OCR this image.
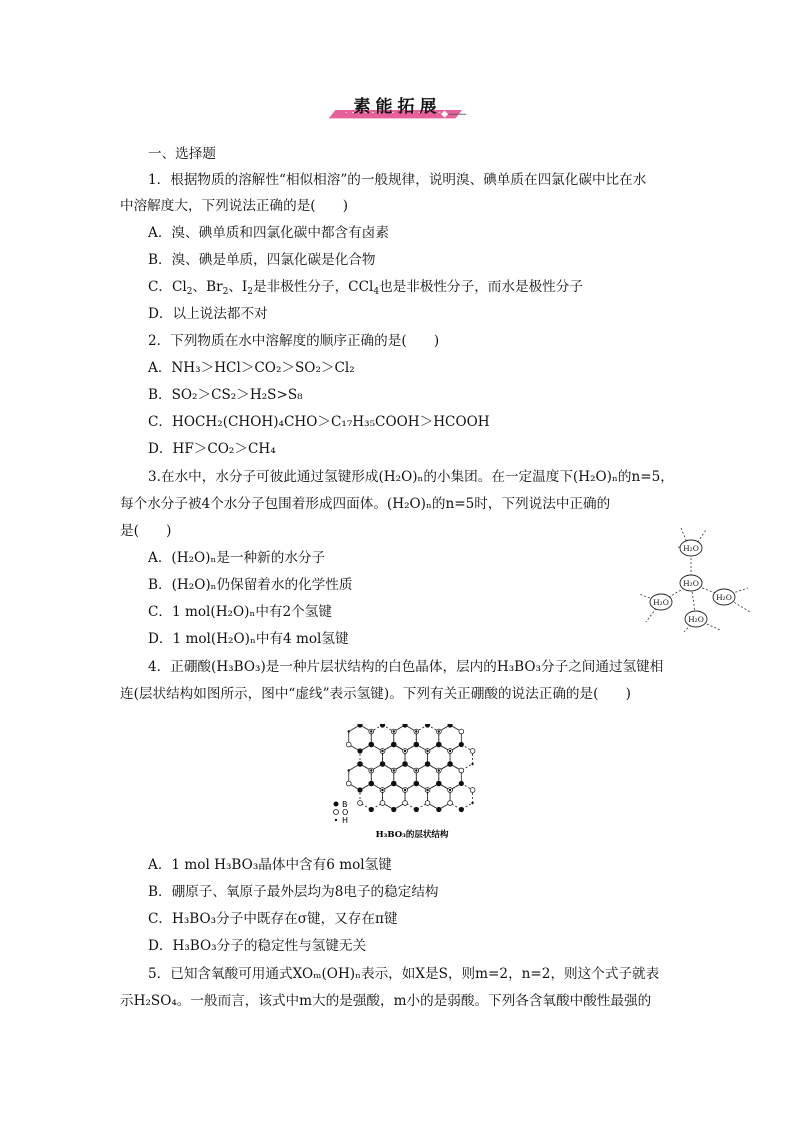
素能拓展
一、选择题
1．根据物质的溶解性“相似相溶”的一般规律，说明溴、碘单质在四氯化碳中比在水
中溶解度大，下列说法正确的是(　　)
A．溴、碘单质和四氯化碳中都含有卤素
B．溴、碘是单质，四氯化碳是化合物
C．$Cl_2$、$Br_2$、$I_2$是非极性分子，CCl$_4$也是非极性分子，而水是极性分子
D．以上说法都不对
2．下列物质在水中溶解度的顺序正确的是(　　)
A．NH₃＞HCl＞CO₂＞SO₂＞Cl₂
B．SO₂＞CS₂＞H₂S>S₈
C．HOCH₂(CHOH)₄CHO＞C₁₇H₃₅COOH＞HCOOH
D．HF＞CO₂＞CH₄
3.在水中，水分子可彼此通过氢键形成(H₂O)ₙ的小集团。在一定温度下(H₂O)ₙ的n=5，
每个水分子被4个水分子包围着形成四面体。(H₂O)ₙ的n=5时，下列说法中正确的
是(　　)
A．(H₂O)ₙ是一种新的水分子
B．(H₂O)ₙ仍保留着水的化学性质
C．1 mol(H₂O)ₙ中有2个氢键
D．1 mol(H₂O)ₙ中有4 mol氢键
H₂O
H₂O
H₂O
H₂O
H₂O
4．正硼酸(H₃BO₃)是一种片层状结构的白色晶体，层内的H₃BO₃分子之间通过氢键相
连(层状结构如图所示，图中“虚线”表示氢键)。下列有关正硼酸的说法正确的是(　　)
B
O
H
H₃BO₃的层状结构
A．1 mol H₃BO₃晶体中含有6 mol氢键
B．硼原子、氧原子最外层均为8电子的稳定结构
C．H₃BO₃分子中既存在σ键，又存在π键
D．H₃BO₃分子的稳定性与氢键无关
5．已知含氧酸可用通式XOₘ(OH)ₙ表示，如X是S，则m=2，n=2，则这个式子就表
示H₂SO₄。一般而言，该式中m大的是强酸，m小的是弱酸。下列各含氧酸中酸性最强的
